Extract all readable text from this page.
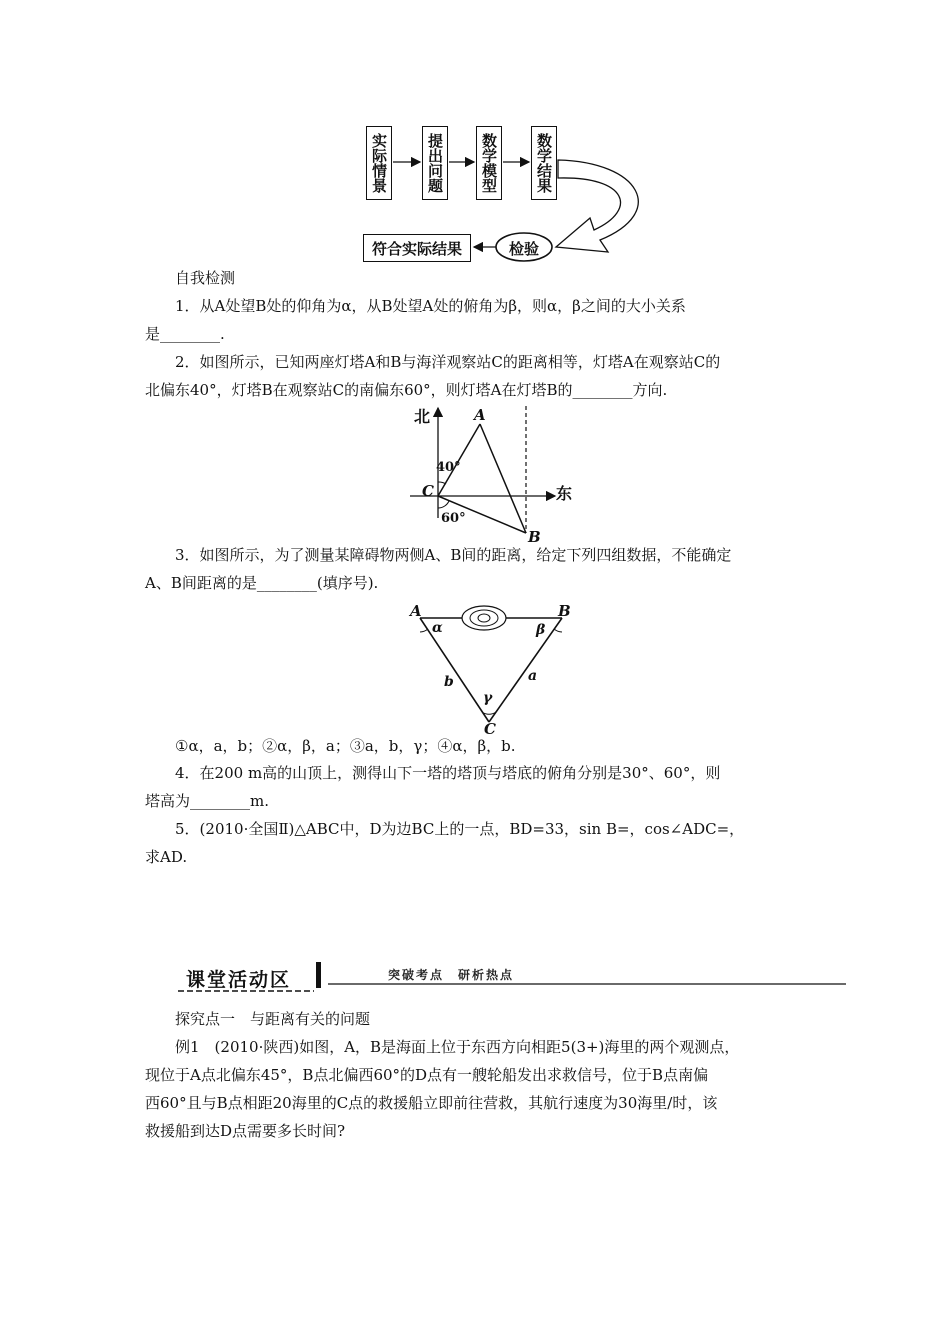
实际情景	提出问题 数学模型 数学结果
检验
符合实际结果
自我检测
1．从A处望B处的仰角为α，从B处望A处的俯角为β，则α，β之间的大小关系
是________.
2．如图所示，已知两座灯塔A和B与海洋观察站C的距离相等，灯塔A在观察站C的
北偏东40°，灯塔B在观察站C的南偏东60°，则灯塔A在灯塔B的________方向.
北
东
A
C
B
40°
60°
3．如图所示，为了测量某障碍物两侧A、B间的距离，给定下列四组数据，不能确定
A、B间距离的是________(填序号).
A	B
C
α	β
γ
a
b
①α，a，b；②α，β，a；③a，b，γ；④α，β，b.
4．在200 m高的山顶上，测得山下一塔的塔顶与塔底的俯角分别是30°、60°，则
塔高为________m.
5．(2010·全国Ⅱ)△ABC中，D为边BC上的一点，BD=33，sin B=，cos∠ADC=，
求AD.
课堂活动区	突破考点　研析热点
探究点一　与距离有关的问题
例1　(2010·陕西)如图，A，B是海面上位于东西方向相距5(3+)海里的两个观测点，
现位于A点北偏东45°，B点北偏西60°的D点有一艘轮船发出求救信号，位于B点南偏
西60°且与B点相距20海里的C点的救援船立即前往营救，其航行速度为30海里/时，该
救援船到达D点需要多长时间?
